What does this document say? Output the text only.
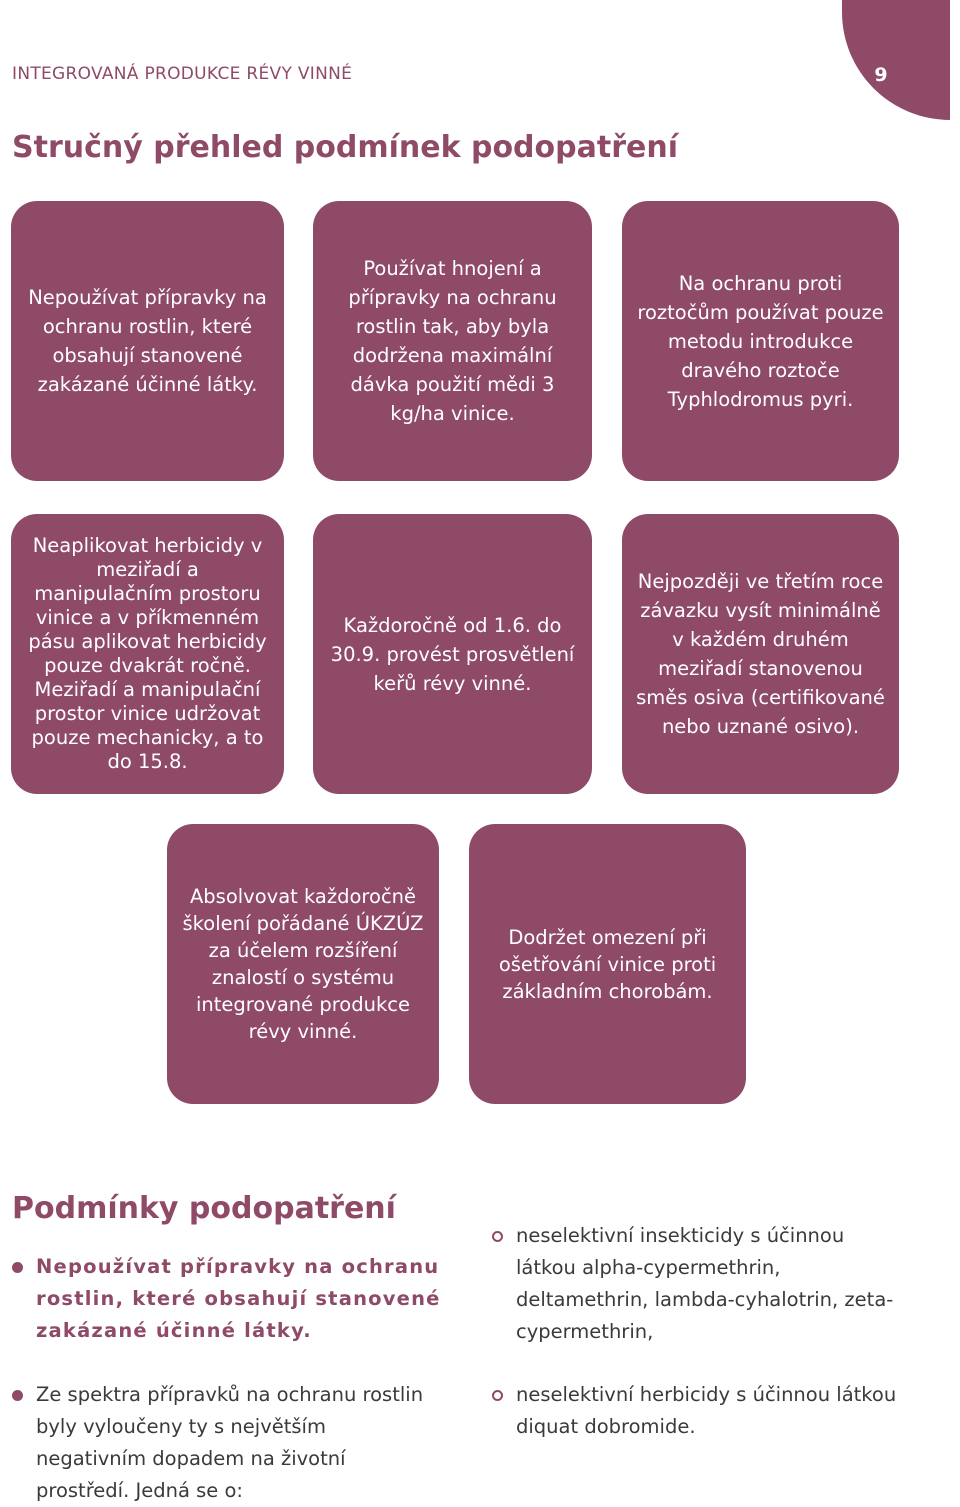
9
INTEGROVANÁ PRODUKCE RÉVY VINNÉ
Stručný přehled podmínek podopatření
Nepoužívat přípravky na ochranu rostlin, které obsahují stanovené zakázané účinné látky.
Používat hnojení a přípravky na ochranu rostlin tak, aby byla dodržena maximální dávka použití mědi 3 kg/ha vinice.
Na ochranu proti roztočům používat pouze metodu introdukce dravého roztoče Typhlodromus pyri.
Neaplikovat herbicidy v meziřadí a manipulačním prostoru vinice a v příkmenném pásu aplikovat herbicidy pouze dvakrát ročně. Meziřadí a manipulační prostor vinice udržovat pouze mechanicky, a to do 15.8.
Každoročně od 1.6. do 30.9. provést prosvětlení keřů révy vinné.
Nejpozději ve třetím roce závazku vysít minimálně v každém druhém meziřadí stanovenou směs osiva (certifikované nebo uznané osivo).
Absolvovat každoročně školení pořádané ÚKZÚZ za účelem rozšíření znalostí o systému integrované produkce révy vinné.
Dodržet omezení při ošetřování vinice proti základním chorobám.
Podmínky podopatření
Nepoužívat přípravky na ochranu rostlin, které obsahují stanovené zakázané účinné látky.
Ze spektra přípravků na ochranu rostlin byly vyloučeny ty s největším negativním dopadem na životní prostředí. Jedná se o:
neselektivní insekticidy s účinnou látkou alpha-cypermethrin, deltamethrin, lambda-cyhalotrin, zeta-cypermethrin,
neselektivní herbicidy s účinnou látkou diquat dobromide.
